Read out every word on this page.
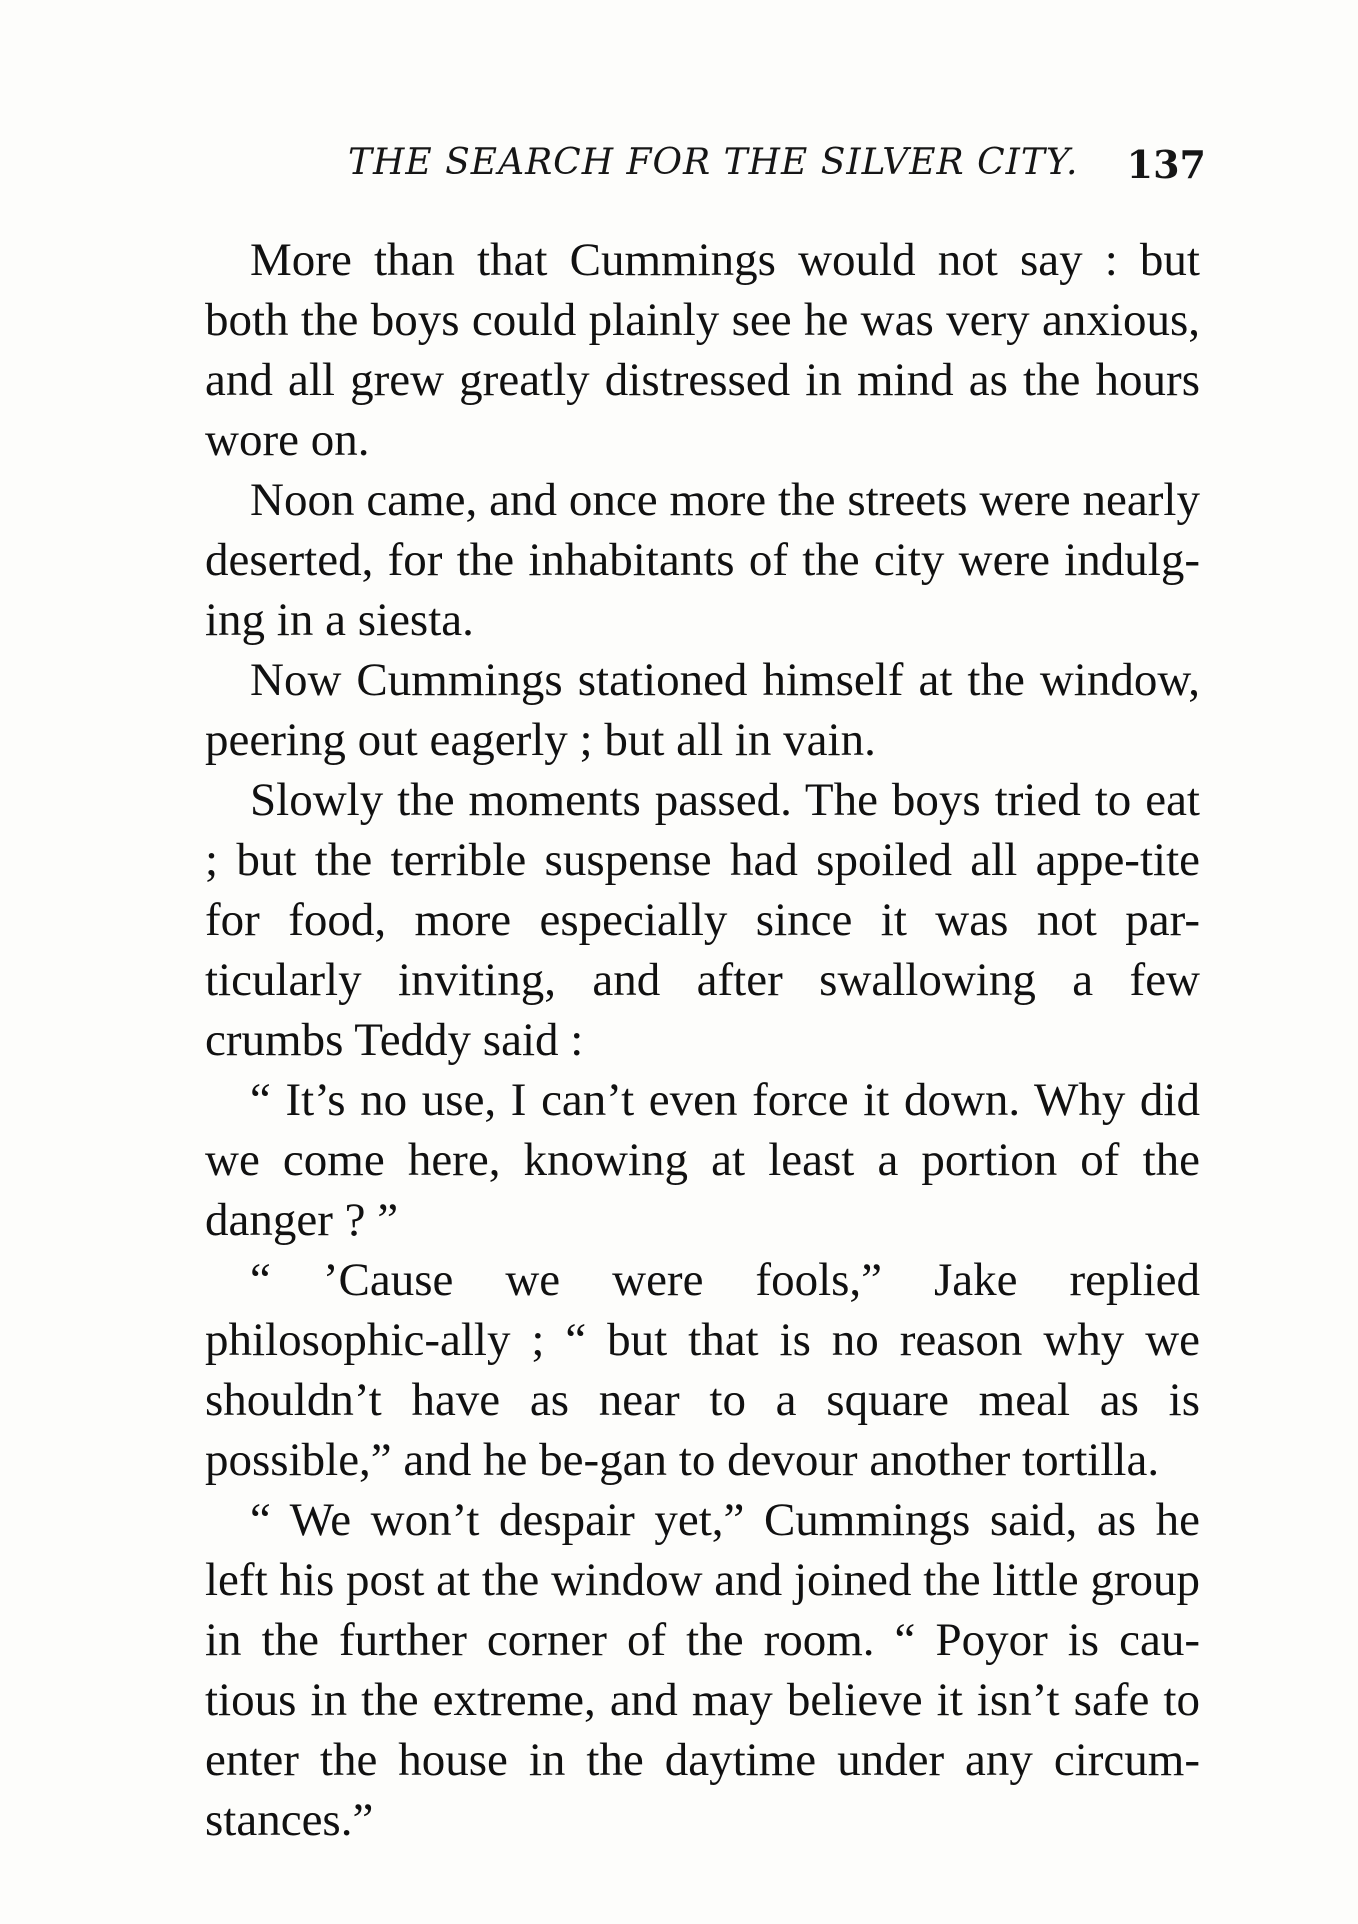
THE SEARCH FOR THE SILVER CITY. 137

More than that Cummings would not say : but both the boys could plainly see he was very anxious, and all grew greatly distressed in mind as the hours wore on.

Noon came, and once more the streets were nearly deserted, for the inhabitants of the city were indulg-ing in a siesta.

Now Cummings stationed himself at the window, peering out eagerly ; but all in vain.

Slowly the moments passed. The boys tried to eat ; but the terrible suspense had spoiled all appe-tite for food, more especially since it was not par-ticularly inviting, and after swallowing a few crumbs Teddy said :

“ It’s no use, I can’t even force it down. Why did we come here, knowing at least a portion of the danger ? ”

“ ’Cause we were fools,” Jake replied philosophic-ally ; “ but that is no reason why we shouldn’t have as near to a square meal as is possible,” and he be-gan to devour another tortilla.

“ We won’t despair yet,” Cummings said, as he left his post at the window and joined the little group in the further corner of the room. “ Poyor is cau-tious in the extreme, and may believe it isn’t safe to enter the house in the daytime under any circum-stances.”
